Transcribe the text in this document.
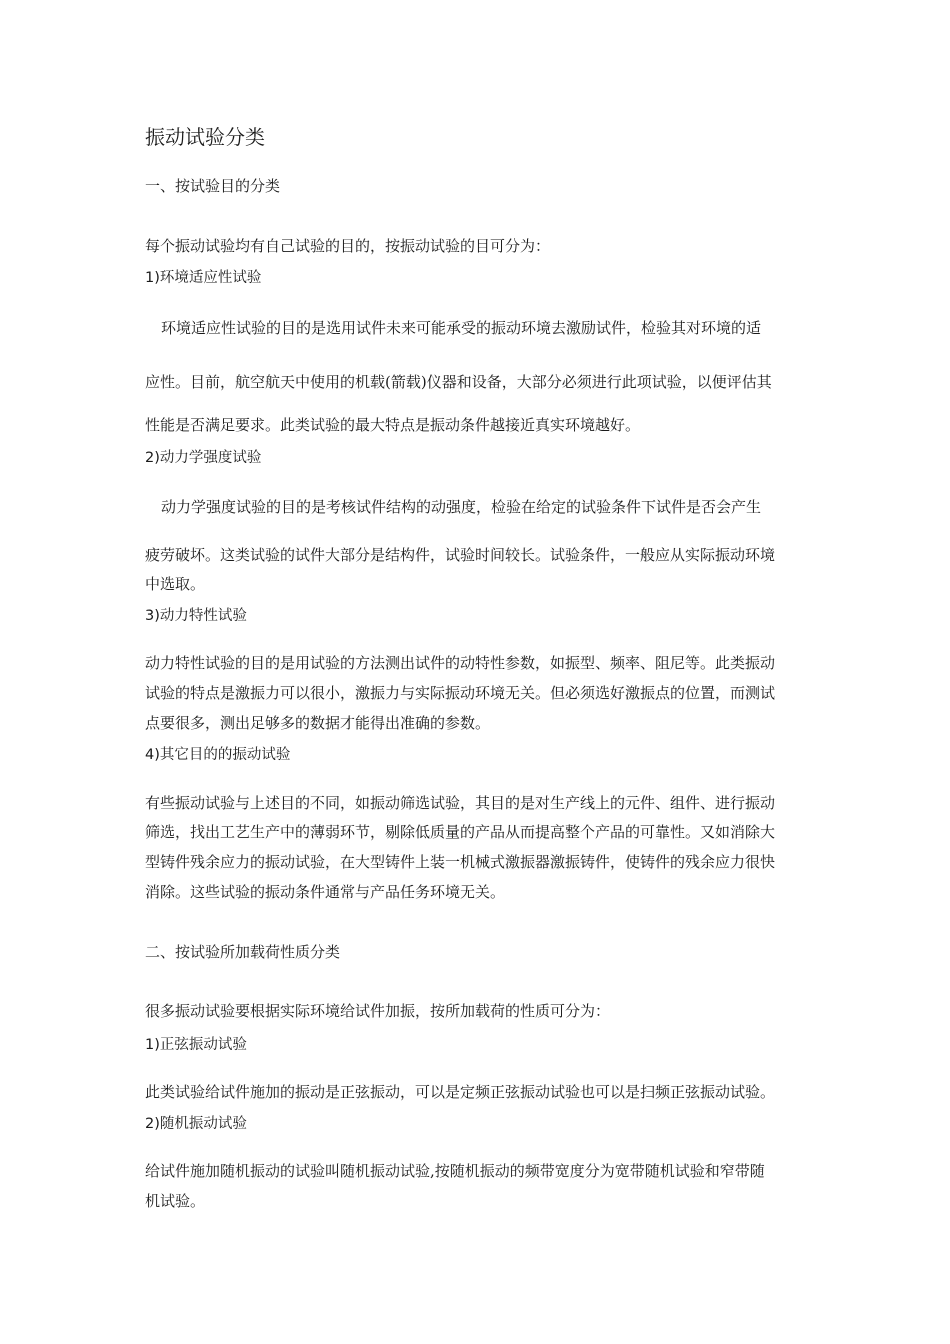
振动试验分类
一、按试验目的分类
每个振动试验均有自己试验的目的，按振动试验的目可分为：
1)环境适应性试验
环境适应性试验的目的是选用试件未来可能承受的振动环境去激励试件，检验其对环境的适
应性。目前，航空航天中使用的机载(箭载)仪器和设备，大部分必须进行此项试验，以便评估其
性能是否满足要求。此类试验的最大特点是振动条件越接近真实环境越好。
2)动力学强度试验
动力学强度试验的目的是考核试件结构的动强度，检验在给定的试验条件下试件是否会产生
疲劳破坏。这类试验的试件大部分是结构件，试验时间较长。试验条件，一般应从实际振动环境
中选取。
3)动力特性试验
动力特性试验的目的是用试验的方法测出试件的动特性参数，如振型、频率、阻尼等。此类振动
试验的特点是激振力可以很小，激振力与实际振动环境无关。但必须选好激振点的位置，而测试
点要很多，测出足够多的数据才能得出准确的参数。
4)其它目的的振动试验
有些振动试验与上述目的不同，如振动筛选试验，其目的是对生产线上的元件、组件、进行振动
筛选，找出工艺生产中的薄弱环节，剔除低质量的产品从而提高整个产品的可靠性。又如消除大
型铸件残余应力的振动试验，在大型铸件上装一机械式激振器激振铸件，使铸件的残余应力很快
消除。这些试验的振动条件通常与产品任务环境无关。
二、按试验所加载荷性质分类
很多振动试验要根据实际环境给试件加振，按所加载荷的性质可分为：
1)正弦振动试验
此类试验给试件施加的振动是正弦振动，可以是定频正弦振动试验也可以是扫频正弦振动试验。
2)随机振动试验
给试件施加随机振动的试验叫随机振动试验,按随机振动的频带宽度分为宽带随机试验和窄带随
机试验。
